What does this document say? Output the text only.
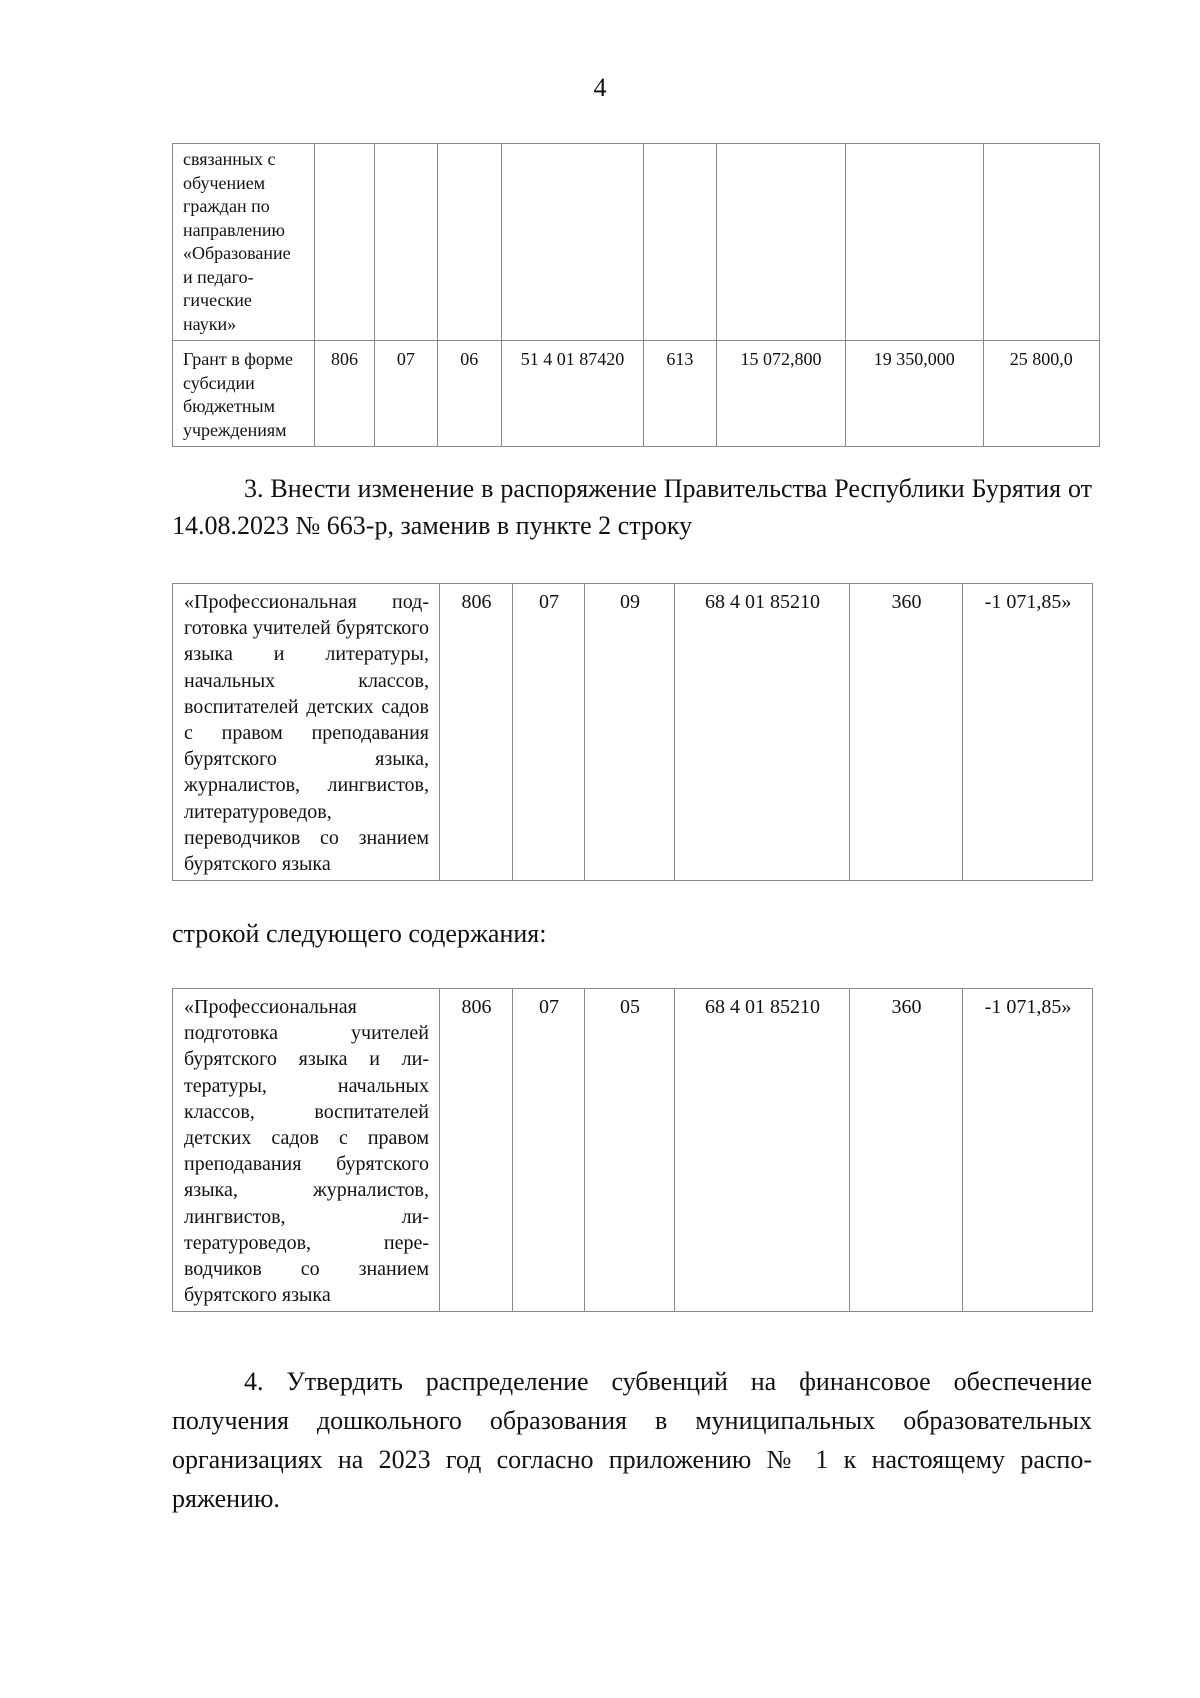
4
связанных с обучением граждан по направлению «Образование и педагогические науки»								
Грант в форме субсидии бюджетным учреждениям	806	07	06	51 4 01 87420	613	15 072,800	19 350,000	25 800,0

3. Внести изменение в распоряжение Правительства Республики Бурятия от 14.08.2023 № 663-р, заменив в пункте 2 строку

«Профессиональная подготовка учителей бурятского языка и литературы, начальных классов, воспитателей детских садов с правом преподавания бурятского языка, журналистов, лингвистов, литературоведов, переводчиков со знанием бурятского языка	806	07	09	68 4 01 85210	360	-1 071,85»

строкой следующего содержания:

«Профессиональная подготовка учителей бурятского языка и литературы, начальных классов, воспитателей детских садов с правом преподавания бурятского языка, журналистов, лингвистов, литературоведов, переводчиков со знанием бурятского языка	806	07	05	68 4 01 85210	360	-1 071,85»

4. Утвердить распределение субвенций на финансовое обеспечение получения дошкольного образования в муниципальных образовательных организациях на 2023 год согласно приложению № 1 к настоящему распоряжению.
